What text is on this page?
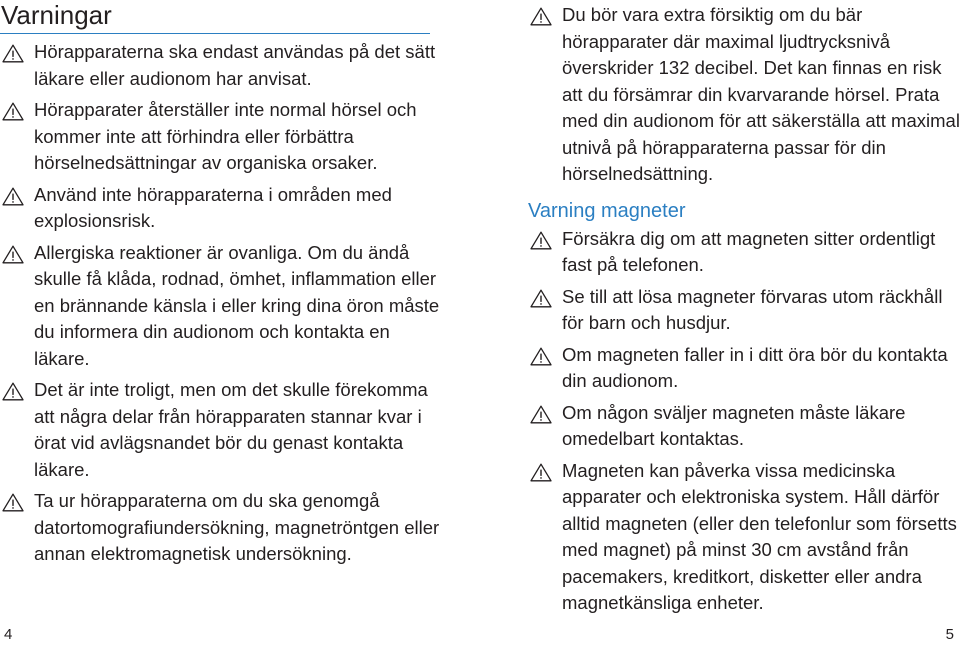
Varningar
Hörapparaterna ska endast användas på det sätt läkare eller audionom har anvisat.
Hörapparater återställer inte normal hörsel och kommer inte att förhindra eller förbättra hörselnedsättningar av organiska orsaker.
Använd inte hörapparaterna i områden med explosionsrisk.
Allergiska reaktioner är ovanliga. Om du ändå skulle få klåda, rodnad, ömhet, inflammation eller en brännande känsla i eller kring dina öron måste du informera din audionom och kontakta en läkare.
Det är inte troligt, men om det skulle förekomma att några delar från hörapparaten stannar kvar i örat vid avlägsnandet bör du genast kontakta läkare.
Ta ur hörapparaterna om du ska genomgå datortomografiundersökning, magnetröntgen eller annan elektromagnetisk undersökning.
Du bör vara extra försiktig om du bär hörapparater där maximal ljudtrycksnivå överskrider 132 decibel. Det kan finnas en risk att du försämrar din kvarvarande hörsel. Prata med din audionom för att säkerställa att maximal utnivå på hörapparaterna passar för din hörselnedsättning.
Varning magneter
Försäkra dig om att magneten sitter ordentligt fast på telefonen.
Se till att lösa magneter förvaras utom räckhåll för barn och husdjur.
Om magneten faller in i ditt öra bör du kontakta din audionom.
Om någon sväljer magneten måste läkare omedelbart kontaktas.
Magneten kan påverka vissa medicinska apparater och elektroniska system. Håll därför alltid magneten (eller den telefonlur som försetts med magnet) på minst 30 cm avstånd från pacemakers, kreditkort, disketter eller andra magnetkänsliga enheter.
4	5
